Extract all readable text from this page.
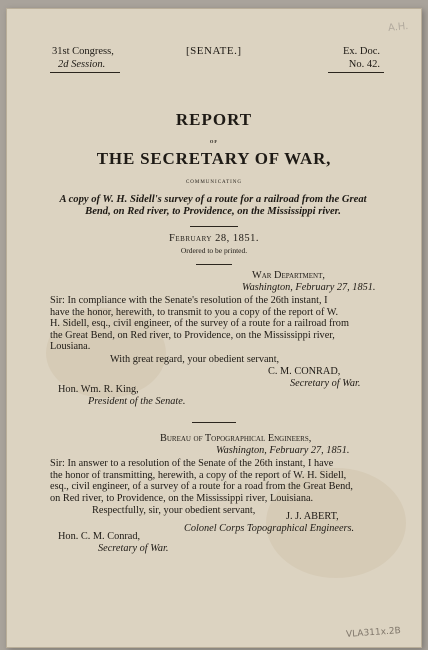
A.H.
31st Congress,
2d Session.
[SENATE.]	Ex. Doc.
No. 42.
REPORT
OF
THE SECRETARY OF WAR,
COMMUNICATING
A copy of W. H. Sidell's survey of a route for a railroad from the Great
Bend, on Red river, to Providence, on the Mississippi river.
February 28, 1851.
Ordered to be printed.
War Department,
Washington, February 27, 1851.
Sir: In compliance with the Senate's resolution of the 26th instant, I
have the honor, herewith, to transmit to you a copy of the report of W.
H. Sidell, esq., civil engineer, of the survey of a route for a railroad from
the Great Bend, on Red river, to Providence, on the Mississippi river,
Lousiana.
With great regard, your obedient servant,
C. M. CONRAD,
Secretary of War.
Hon. Wm. R. King,
President of the Senate.
Bureau of Topographical Engineers,
Washington, February 27, 1851.
Sir: In answer to a resolution of the Senate of the 26th instant, I have
the honor of transmitting, herewith, a copy of the report of W. H. Sidell,
esq., civil engineer, of a survey of a route for a road from the Great Bend,
on Red river, to Providence, on the Mississippi river, Louisiana.
Respectfully, sir, your obedient servant,
J. J. ABERT,
Colonel Corps Topographical Engineers.
Hon. C. M. Conrad,
Secretary of War.
VLA311x.2B
